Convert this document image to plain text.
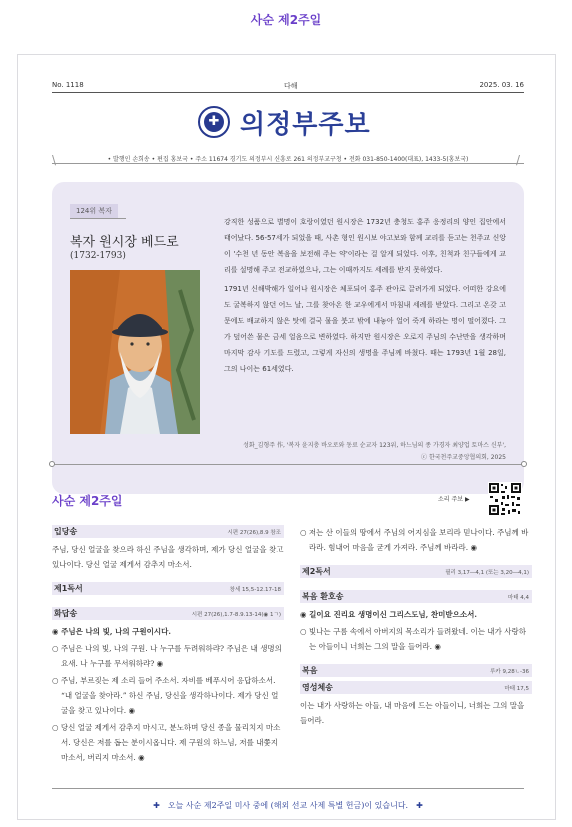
사순 제2주일
No. 1118	다해	2025. 03. 16
✚ 의정부주보
\	• 발행인 손희송 • 편집 홍보국 • 주소 11674 경기도 의정부시 신흥로 261 의정부교구청 • 전화 031-850-1400(대표), 1433-5(홍보국)	/
124위 복자
복자 원시장 베드로
(1732-1793)

강직한 성품으로 별명이 호랑이였던 원시장은 1732년 충청도 홍주 응정리의 양인 집안에서 태어났다. 56-57세가 되었을 때, 사촌 형인 원시보 야고보와 함께 교리를 듣고는 천주교 신앙이 '수천 년 동안 복음을 보전해 주는 약'이라는 걸 알게 되었다. 이후, 친척과 친구들에게 교리를 설명해 주고 전교하였으나, 그는 이때까지도 세례를 받지 못하였다.

1791년 신해박해가 일어나 원시장은 체포되어 홍주 관아로 끌려가게 되었다. 어떠한 강요에도 굴복하지 않던 어느 날, 그를 찾아온 한 교우에게서 마침내 세례를 받았다. 그리고 온갖 고문에도 배교하지 않은 탓에 결국 물을 붓고 밖에 내놓아 얼어 죽게 하라는 명이 떨어졌다. 그가 덮어쓴 물은 금세 얼음으로 변하였다. 하지만 원시장은 오로지 주님의 수난만을 생각하며 마지막 감사 기도를 드렸고, 그렇게 자신의 생명을 주님께 바쳤다. 때는 1793년 1월 28일, 그의 나이는 61세였다.

성화_김형주 作, '복자 윤지충 바오로와 동료 순교자 123위, 하느님의 종 가경자 최양업 토마스 신부',
ⓒ 한국천주교중앙협의회, 2025
사순 제2주일	소리 주보 ▶
입당송	시편 27(26),8.9 참조
주님, 당신 얼굴을 찾으라 하신 주님을 생각하며, 제가 당신 얼굴을 찾고 있나이다. 당신 얼굴 제게서 감추지 마소서.
제1독서	창세 15,5-12.17-18
화답송	시편 27(26),1.7-8.9.13-14(◉ 1ㄱ)
◉ 주님은 나의 빛, 나의 구원이시다.
○ 주님은 나의 빛, 나의 구원. 나 누구를 두려워하랴? 주님은 내 생명의 요새. 나 누구를 무서워하랴? ◉
○ 주님, 부르짖는 제 소리 들어 주소서. 자비를 베푸시어 응답하소서. “내 얼굴을 찾아라.” 하신 주님, 당신을 생각하나이다. 제가 당신 얼굴을 찾고 있나이다. ◉
○ 당신 얼굴 제게서 감추지 마시고, 분노하며 당신 종을 물리치지 마소서. 당신은 저를 돕는 분이시옵니다. 제 구원의 하느님, 저를 내쫓지 마소서, 버리지 마소서. ◉
○ 저는 산 이들의 땅에서 주님의 어지심을 보리라 믿나이다. 주님께 바라라. 힘내어 마음을 굳게 가져라. 주님께 바라라. ◉
제2독서	필리 3,17―4,1 (또는 3,20―4,1)
복음 환호송	마태 4,4
◉ 길이요 진리요 생명이신 그리스도님, 찬미받으소서.
○ 빛나는 구름 속에서 아버지의 목소리가 들려왔네. 이는 내가 사랑하는 아들이니 너희는 그의 말을 들어라. ◉
복음	루카 9,28ㄴ-36
영성체송	마태 17,5
이는 내가 사랑하는 아들, 내 마음에 드는 아들이니, 너희는 그의 말을 들어라.
✚ 오늘 사순 제2주일 미사 중에 (해외 선교 사제 특별 헌금)이 있습니다. ✚
